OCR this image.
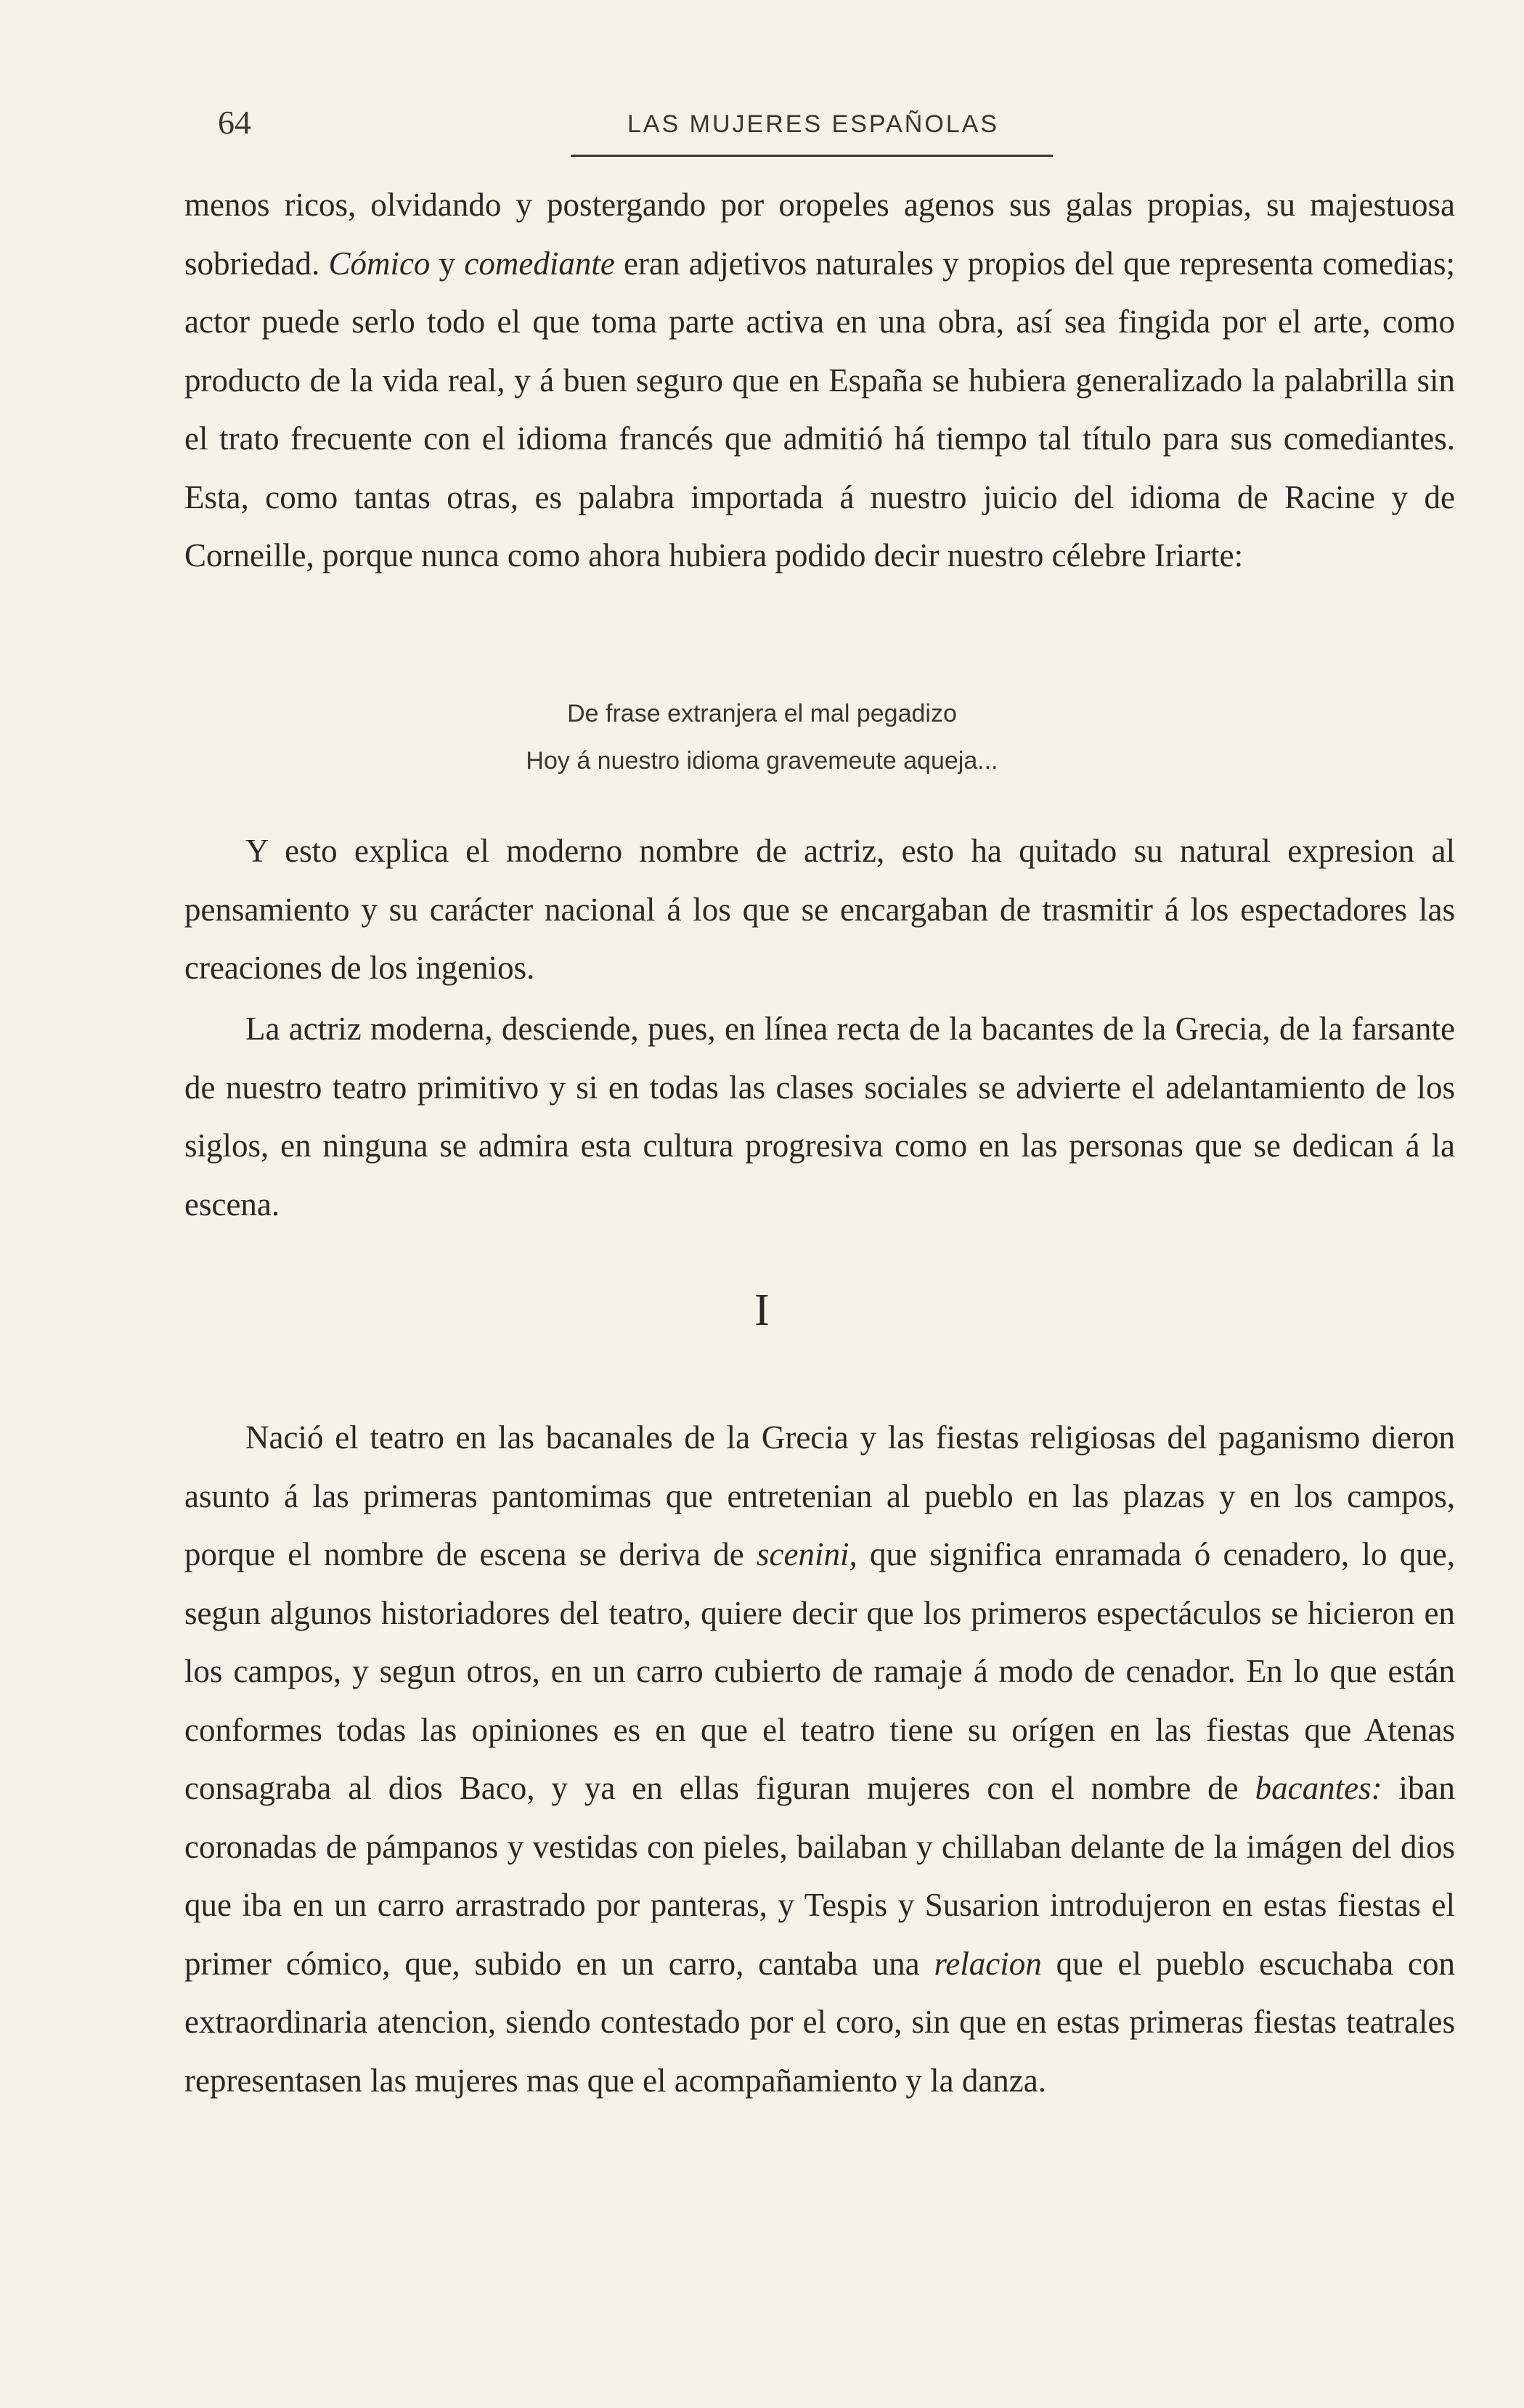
64	LAS MUJERES ESPAÑOLAS

menos ricos, olvidando y postergando por oropeles agenos sus galas propias, su majestuosa sobriedad. Cómico y comediante eran adjetivos naturales y propios del que representa comedias; actor puede serlo todo el que toma parte activa en una obra, así sea fingida por el arte, como producto de la vida real, y á buen seguro que en España se hubiera generalizado la palabrilla sin el trato frecuente con el idioma francés que admitió há tiempo tal título para sus comediantes. Esta, como tantas otras, es palabra importada á nuestro juicio del idioma de Racine y de Corneille, porque nunca como ahora hubiera podido decir nuestro célebre Iriarte:

De frase extranjera el mal pegadizo
Hoy á nuestro idioma gravemeute aqueja...

Y esto explica el moderno nombre de actriz, esto ha quitado su natural expresion al pensamiento y su carácter nacional á los que se encargaban de trasmitir á los espectadores las creaciones de los ingenios.

La actriz moderna, desciende, pues, en línea recta de la bacantes de la Grecia, de la farsante de nuestro teatro primitivo y si en todas las clases sociales se advierte el adelantamiento de los siglos, en ninguna se admira esta cultura progresiva como en las personas que se dedican á la escena.

I

Nació el teatro en las bacanales de la Grecia y las fiestas religiosas del paganismo dieron asunto á las primeras pantomimas que entretenian al pueblo en las plazas y en los campos, porque el nombre de escena se deriva de scenini, que significa enramada ó cenadero, lo que, segun algunos historiadores del teatro, quiere decir que los primeros espectáculos se hicieron en los campos, y segun otros, en un carro cubierto de ramaje á modo de cenador. En lo que están conformes todas las opiniones es en que el teatro tiene su orígen en las fiestas que Atenas consagraba al dios Baco, y ya en ellas figuran mujeres con el nombre de bacantes: iban coronadas de pámpanos y vestidas con pieles, bailaban y chillaban delante de la imágen del dios que iba en un carro arrastrado por panteras, y Tespis y Susarion introdujeron en estas fiestas el primer cómico, que, subido en un carro, cantaba una relacion que el pueblo escuchaba con extraordinaria atencion, siendo contestado por el coro, sin que en estas primeras fiestas teatrales representasen las mujeres mas que el acompañamiento y la danza.
